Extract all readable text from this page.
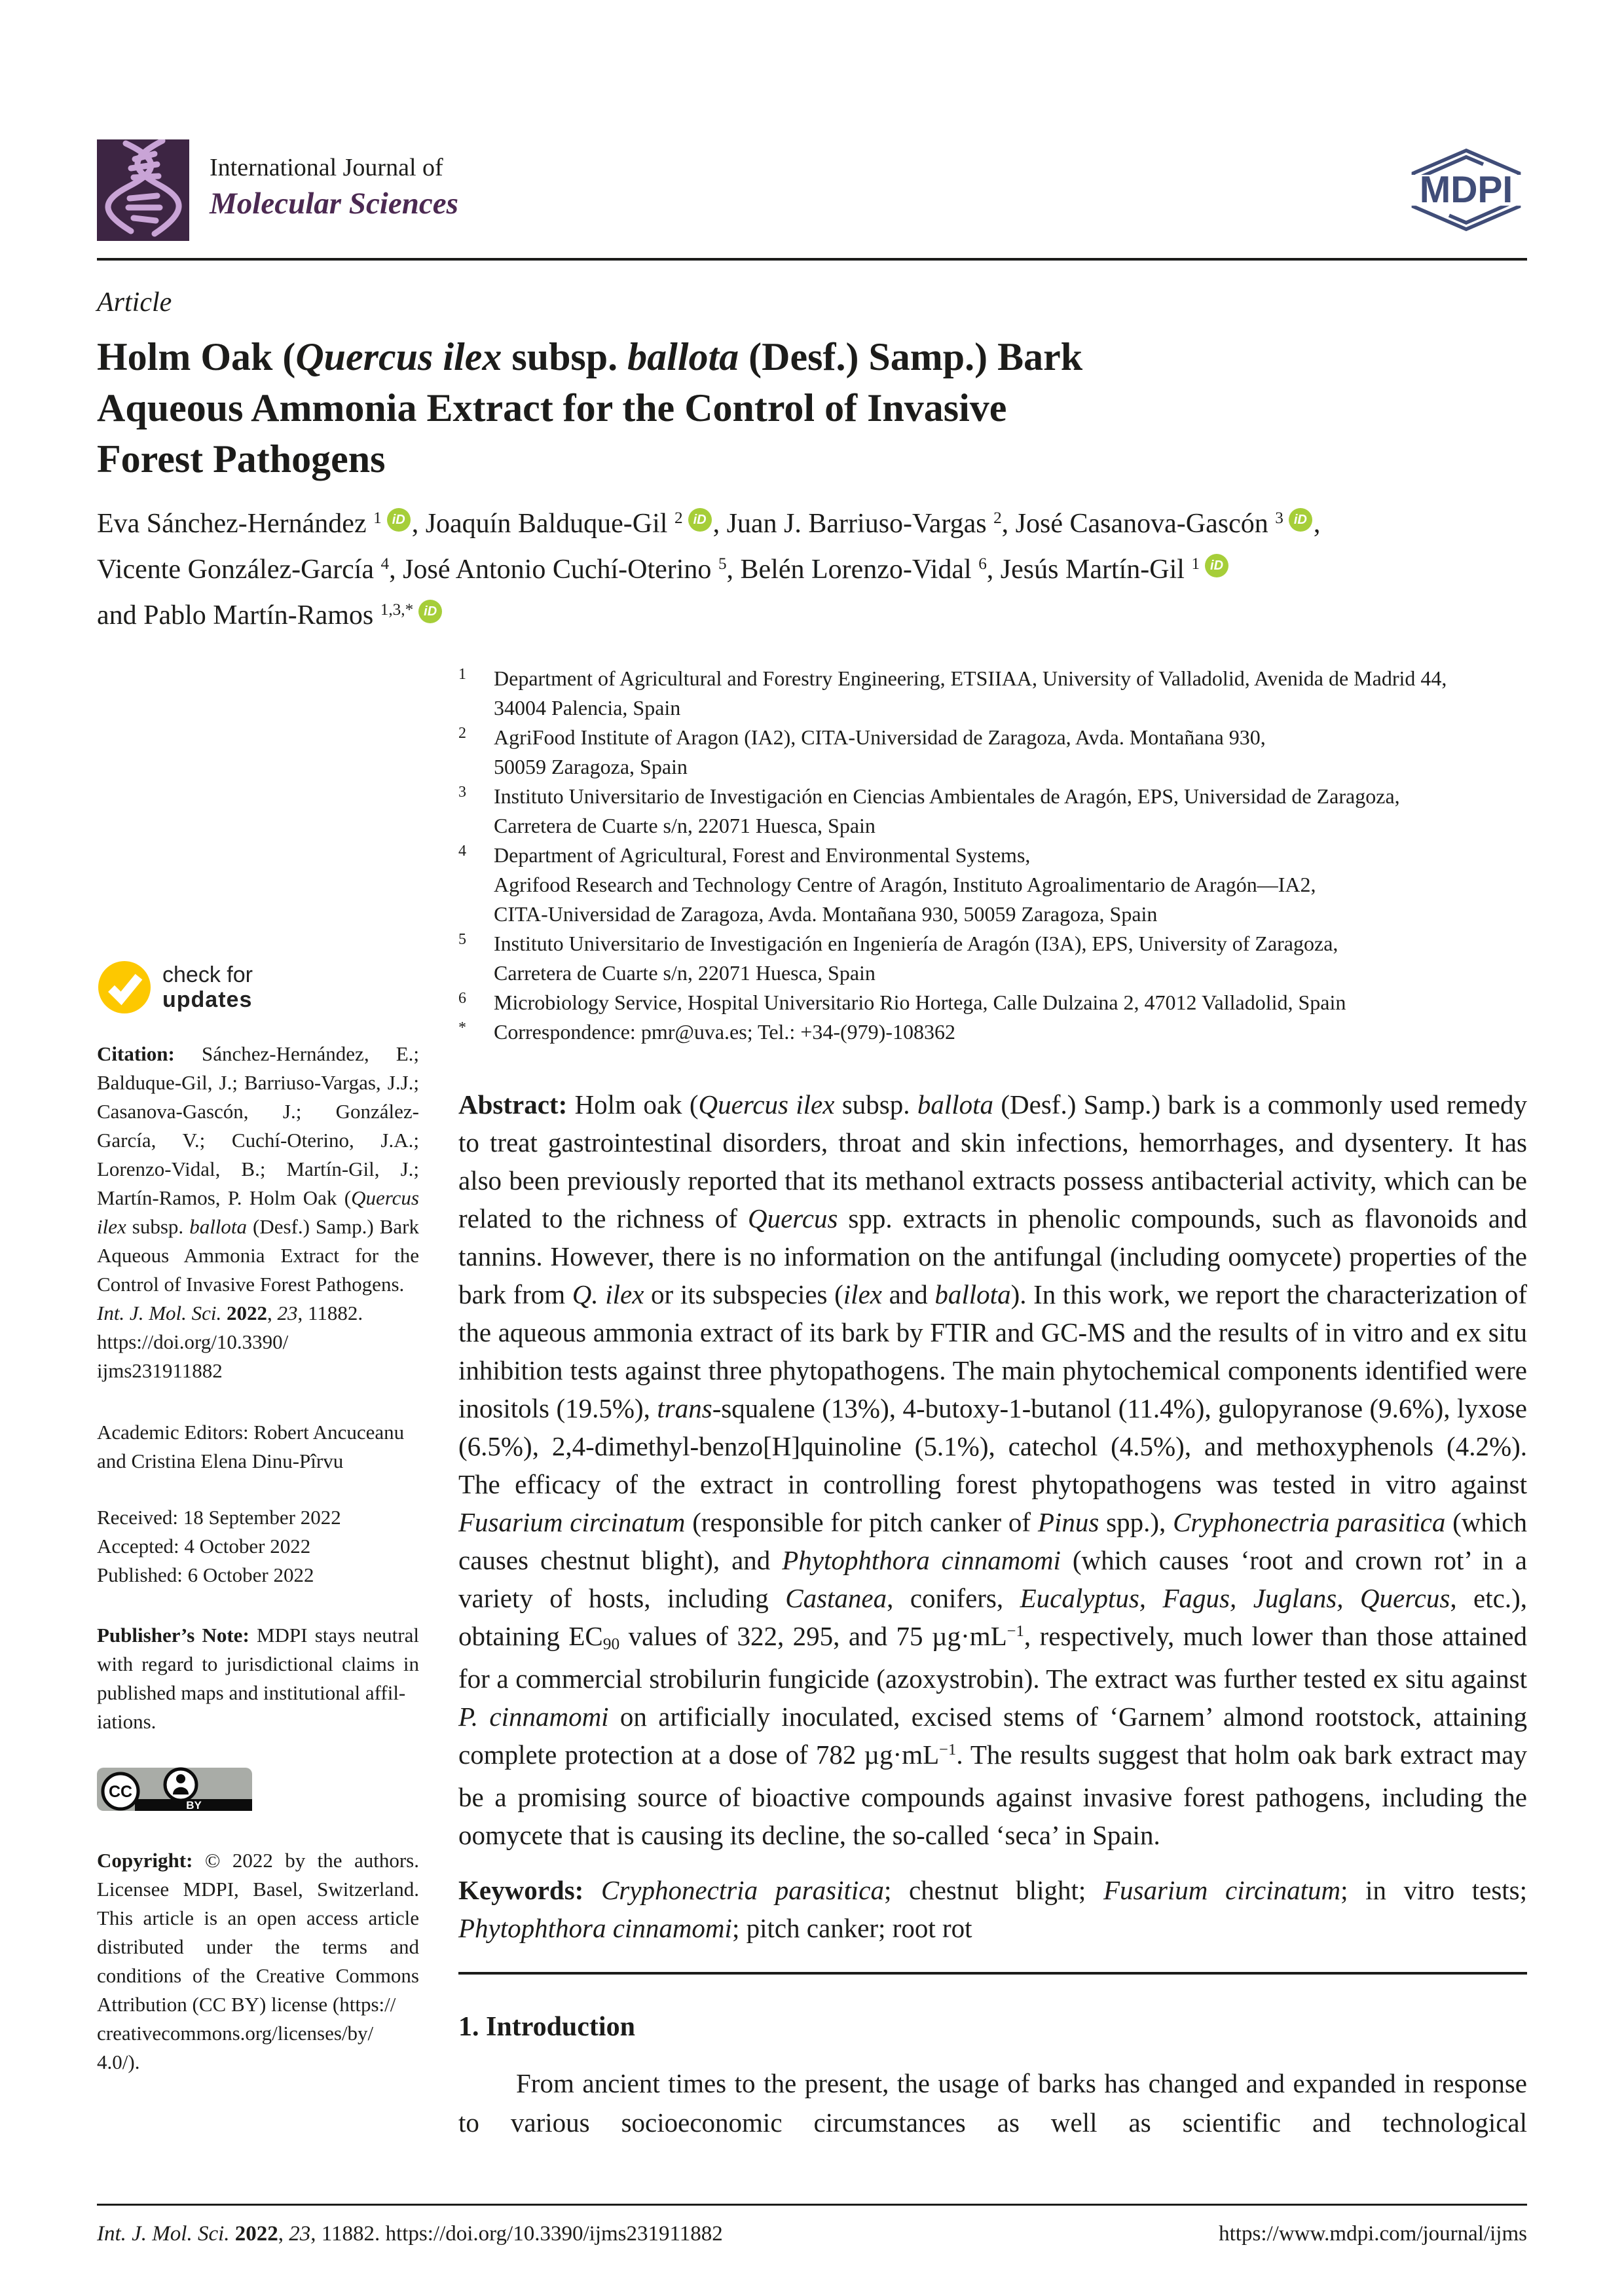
International Journal of
Molecular Sciences	MDPI
Article
Holm Oak (Quercus ilex subsp. ballota (Desf.) Samp.) Bark
Aqueous Ammonia Extract for the Control of Invasive
Forest Pathogens
Eva Sánchez-Hernández $^1$ iD , Joaquín Balduque-Gil $^2$ iD , Juan J. Barriuso-Vargas $^2$, José Casanova-Gascón $^3$ iD ,
Vicente González-García $^4$, José Antonio Cuchí-Oterino $^5$, Belén Lorenzo-Vidal $^6$, Jesús Martín-Gil $^1$ iD
and Pablo Martín-Ramos $^{1,3,*}$ iD
1	Department of Agricultural and Forestry Engineering, ETSIIAA, University of Valladolid, Avenida de Madrid 44,
34004 Palencia, Spain
2	AgriFood Institute of Aragon (IA2), CITA-Universidad de Zaragoza, Avda. Montañana 930,
50059 Zaragoza, Spain
3	Instituto Universitario de Investigación en Ciencias Ambientales de Aragón, EPS, Universidad de Zaragoza,
Carretera de Cuarte s/n, 22071 Huesca, Spain
4	Department of Agricultural, Forest and Environmental Systems,
Agrifood Research and Technology Centre of Aragón, Instituto Agroalimentario de Aragón—IA2,
CITA-Universidad de Zaragoza, Avda. Montañana 930, 50059 Zaragoza, Spain
5	Instituto Universitario de Investigación en Ingeniería de Aragón (I3A), EPS, University of Zaragoza,
Carretera de Cuarte s/n, 22071 Huesca, Spain
6	Microbiology Service, Hospital Universitario Rio Hortega, Calle Dulzaina 2, 47012 Valladolid, Spain
*	Correspondence: pmr@uva.es; Tel.: +34-(979)-108362
Abstract: Holm oak (Quercus ilex subsp. ballota (Desf.) Samp.) bark is a commonly used remedy to treat gastrointestinal disorders, throat and skin infections, hemorrhages, and dysentery. It has also been previously reported that its methanol extracts possess antibacterial activity, which can be related to the richness of Quercus spp. extracts in phenolic compounds, such as flavonoids and tannins. However, there is no information on the antifungal (including oomycete) properties of the bark from Q. ilex or its subspecies (ilex and ballota). In this work, we report the characterization of the aqueous ammonia extract of its bark by FTIR and GC-MS and the results of in vitro and ex situ inhibition tests against three phytopathogens. The main phytochemical components identified were inositols (19.5%), trans-squalene (13%), 4-butoxy-1-butanol (11.4%), gulopyranose (9.6%), lyxose (6.5%), 2,4-dimethyl-benzo[H]quinoline (5.1%), catechol (4.5%), and methoxyphenols (4.2%). The efficacy of the extract in controlling forest phytopathogens was tested in vitro against Fusarium circinatum (responsible for pitch canker of Pinus spp.), Cryphonectria parasitica (which causes chestnut blight), and Phytophthora cinnamomi (which causes ‘root and crown rot’ in a variety of hosts, including Castanea, conifers, Eucalyptus, Fagus, Juglans, Quercus, etc.), obtaining EC90 values of 322, 295, and 75 $\mu g\cdot mL^{-1}$, respectively, much lower than those attained for a commercial strobilurin fungicide (azoxystrobin). The extract was further tested ex situ against P. cinnamomi on artificially inoculated, excised stems of ‘Garnem’ almond rootstock, attaining complete protection at a dose of 782 $\mu g\cdot mL^{-1}$. The results suggest that holm oak bark extract may be a promising source of bioactive compounds against invasive forest pathogens, including the oomycete that is causing its decline, the so-called ‘seca’ in Spain.
Keywords: Cryphonectria parasitica; chestnut blight; Fusarium circinatum; in vitro tests; Phytophthora cinnamomi; pitch canker; root rot
1. Introduction
From ancient times to the present, the usage of barks has changed and expanded in response to various socioeconomic circumstances as well as scientific and technological
check for
updates
Citation: Sánchez-Hernández, E.; Balduque-Gil, J.; Barriuso-Vargas, J.J.; Casanova-Gascón, J.; González-García, V.; Cuchí-Oterino, J.A.; Lorenzo-Vidal, B.; Martín-Gil, J.; Martín-Ramos, P. Holm Oak (Quercus ilex subsp. ballota (Desf.) Samp.) Bark Aqueous Ammonia Extract for the Control of Invasive Forest Pathogens.
Int. J. Mol. Sci. 2022, 23, 11882.
https://doi.org/10.3390/
ijms231911882
Academic Editors: Robert Ancuceanu and Cristina Elena Dinu-Pîrvu
Received: 18 September 2022
Accepted: 4 October 2022
Published: 6 October 2022
Publisher’s Note: MDPI stays neutral with regard to jurisdictional claims in published maps and institutional affil-
iations.
BY
CC
Copyright: © 2022 by the authors. Licensee MDPI, Basel, Switzerland. This article is an open access article distributed under the terms and conditions of the Creative Commons Attribution (CC BY) license (https://
creativecommons.org/licenses/by/
4.0/).
Int. J. Mol. Sci. 2022, 23, 11882. https://doi.org/10.3390/ijms231911882	https://www.mdpi.com/journal/ijms
